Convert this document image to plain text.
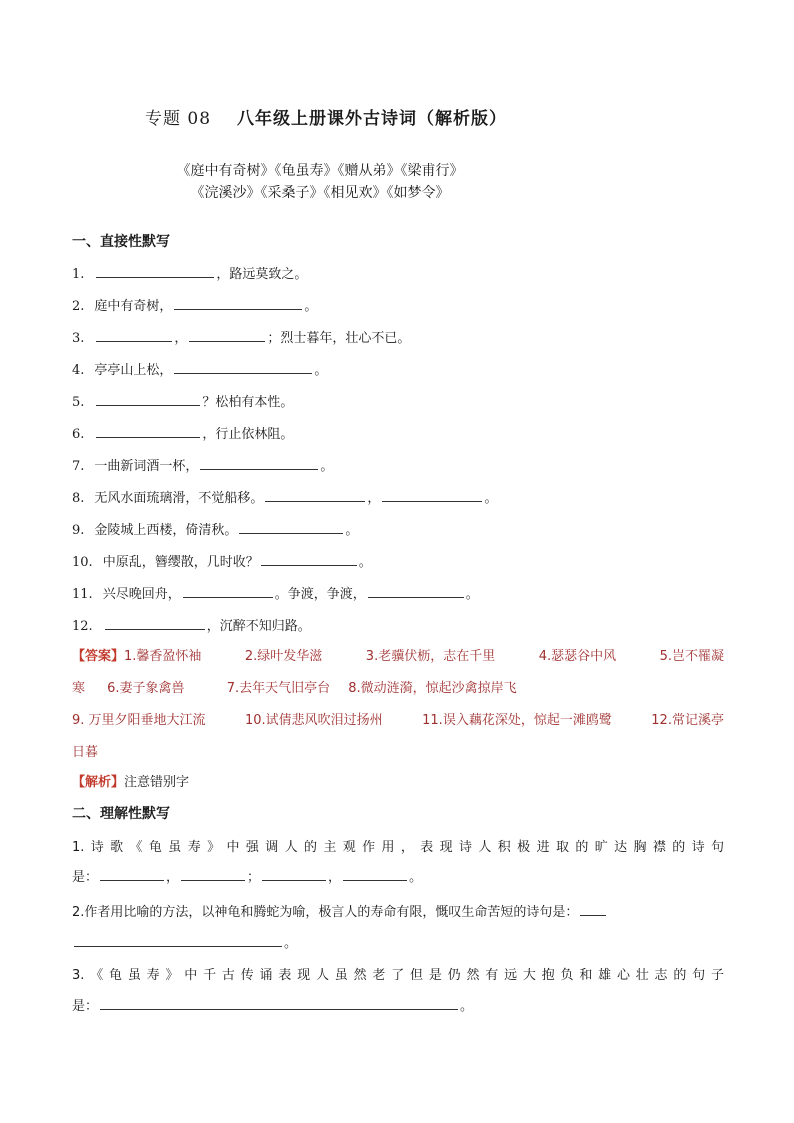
专题 08 八年级上册课外古诗词（解析版）
《庭中有奇树》《龟虽寿》《赠从弟》《梁甫行》
《浣溪沙》《采桑子》《相见欢》《如梦令》
一、直接性默写
1.	，路远莫致之。
2. 庭中有奇树，	。
3.	，	；烈士暮年，壮心不已。
4. 亭亭山上松，	。
5.	？松柏有本性。
6.	，行止依林阻。
7. 一曲新词酒一杯，	。
8. 无风水面琉璃滑，不觉船移。	，	。
9. 金陵城上西楼，倚清秋。	。
10. 中原乱，簪缨散，几时收？	。
11. 兴尽晚回舟，	。争渡，争渡，	。
12.	，沉醉不知归路。
【答案】1.馨香盈怀袖	2.绿叶发华滋	3.老骥伏枥，志在千里	4.瑟瑟谷中风	5.岂不罹凝
寒 6.妻子象禽兽	7.去年天气旧亭台 8.微动涟漪，惊起沙禽掠岸飞
9. 万里夕阳垂地大江流	10.试倩悲风吹泪过扬州	11.误入藕花深处，惊起一滩鸥鹭	12.常记溪亭
日暮
【解析】注意错别字
二、理解性默写
1.诗歌《龟虽寿》中强调人的主观作用，表现诗人积极进取的旷达胸襟的诗句
是：	，	；	，	。
2.作者用比喻的方法，以神龟和腾蛇为喻，极言人的寿命有限，慨叹生命苦短的诗句是：
。
3.《龟虽寿》中千古传诵表现人虽然老了但是仍然有远大抱负和雄心壮志的句子
是：	。
